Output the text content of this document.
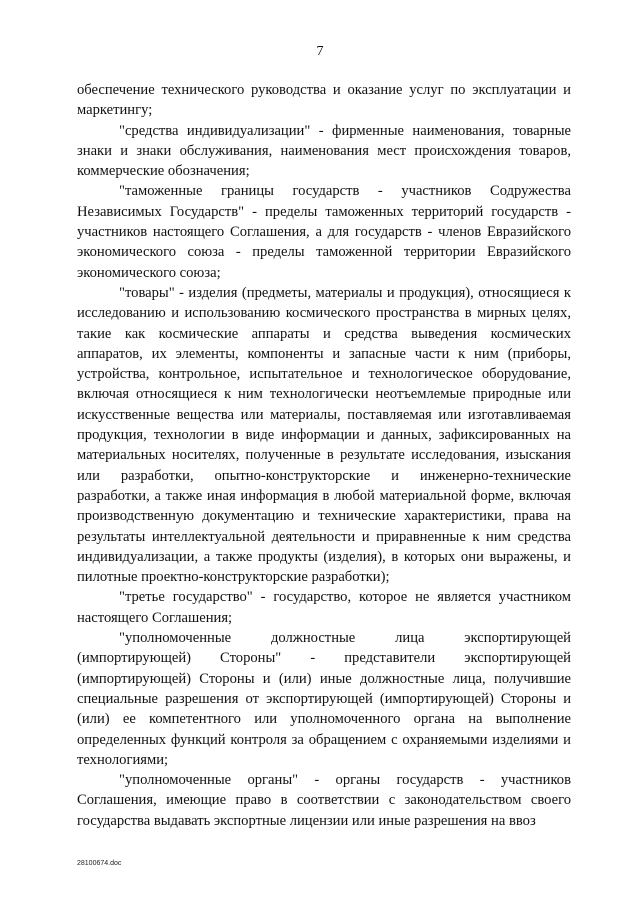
7

обеспечение технического руководства и оказание услуг по эксплуатации и маркетингу;

"средства индивидуализации" - фирменные наименования, товарные знаки и знаки обслуживания, наименования мест происхождения товаров, коммерческие обозначения;

"таможенные границы государств - участников Содружества Независимых Государств" - пределы таможенных территорий государств - участников настоящего Соглашения, а для государств - членов Евразийского экономического союза - пределы таможенной территории Евразийского экономического союза;

"товары" - изделия (предметы, материалы и продукция), относящиеся к исследованию и использованию космического пространства в мирных целях, такие как космические аппараты и средства выведения космических аппаратов, их элементы, компоненты и запасные части к ним (приборы, устройства, контрольное, испытательное и технологическое оборудование, включая относящиеся к ним технологически неотъемлемые природные или искусственные вещества или материалы, поставляемая или изготавливаемая продукция, технологии в виде информации и данных, зафиксированных на материальных носителях, полученные в результате исследования, изыскания или разработки, опытно-конструкторские и инженерно-технические разработки, а также иная информация в любой материальной форме, включая производственную документацию и технические характеристики, права на результаты интеллектуальной деятельности и приравненные к ним средства индивидуализации, а также продукты (изделия), в которых они выражены, и пилотные проектно-конструкторские разработки);

"третье государство" - государство, которое не является участником настоящего Соглашения;

"уполномоченные должностные лица экспортирующей (импортирующей) Стороны" - представители экспортирующей (импортирующей) Стороны и (или) иные должностные лица, получившие специальные разрешения от экспортирующей (импортирующей) Стороны и (или) ее компетентного или уполномоченного органа на выполнение определенных функций контроля за обращением с охраняемыми изделиями и технологиями;

"уполномоченные органы" - органы государств - участников Соглашения, имеющие право в соответствии с законодательством своего государства выдавать экспортные лицензии или иные разрешения на ввоз

28100674.doc
